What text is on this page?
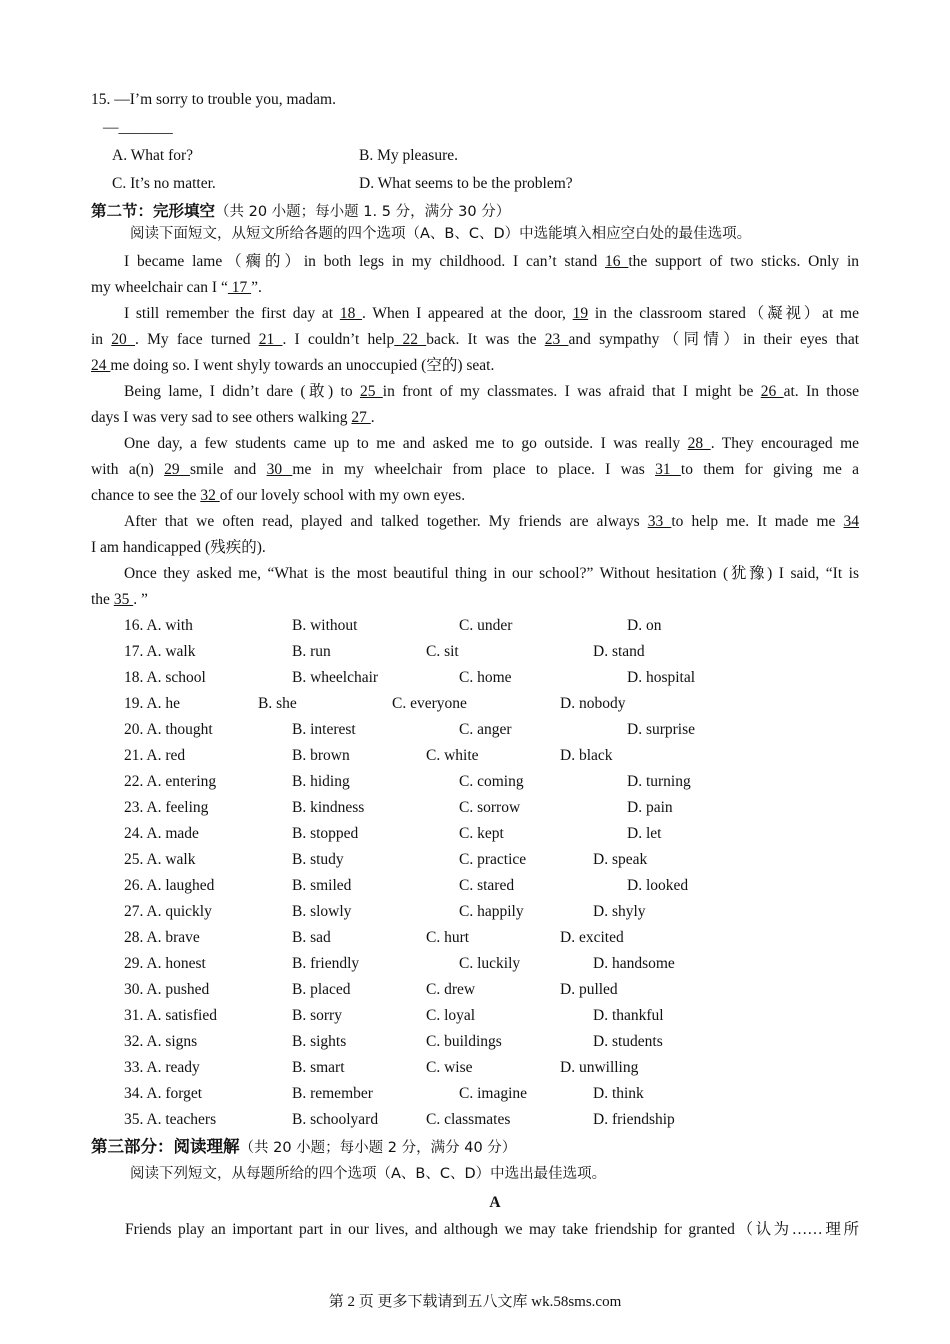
15. —I’m sorry to trouble you, madam.
—_______
A. What for?	B. My pleasure.
C. It’s no matter.	D. What seems to be the problem?
第二节：完形填空（共 20 小题；每小题 1. 5 分，满分 30 分）
阅读下面短文，从短文所给各题的四个选项（A、B、C、D）中选能填入相应空白处的最佳选项。
I became lame（瘸的）in both legs in my childhood. I can’t stand 16 the support of two sticks. Only in
my wheelchair can I “ 17 ”.
I still remember the first day at 18 . When I appeared at the door, 19 in the classroom stared（凝视）at me
in 20 . My face turned 21 . I couldn’t help 22 back. It was the 23 and sympathy（同情）in their eyes that
24 me doing so. I went shyly towards an unoccupied (空的) seat.
Being lame, I didn’t dare (敢) to 25 in front of my classmates. I was afraid that I might be 26 at. In those
days I was very sad to see others walking 27 .
One day, a few students came up to me and asked me to go outside. I was really 28 . They encouraged me
with a(n) 29 smile and 30 me in my wheelchair from place to place. I was 31 to them for giving me a
chance to see the 32 of our lovely school with my own eyes.
After that we often read, played and talked together. My friends are always 33 to help me. It made me 34
I am handicapped (残疾的).
Once they asked me, “What is the most beautiful thing in our school?” Without hesitation (犹豫) I said, “It is
the 35 . ”
16. A. with	B. without	C. under	D. on
17. A. walk	B. run	C. sit	D. stand
18. A. school	B. wheelchair	C. home	D. hospital
19. A. he	B. she	C. everyone	D. nobody
20. A. thought	B. interest	C. anger	D. surprise
21. A. red	B. brown	C. white	D. black
22. A. entering	B. hiding	C. coming	D. turning
23. A. feeling	B. kindness	C. sorrow	D. pain
24. A. made	B. stopped	C. kept	D. let
25. A. walk	B. study	C. practice	D. speak
26. A. laughed	B. smiled	C. stared	D. looked
27. A. quickly	B. slowly	C. happily	D. shyly
28. A. brave	B. sad	C. hurt	D. excited
29. A. honest	B. friendly	C. luckily	D. handsome
30. A. pushed	B. placed	C. drew	D. pulled
31. A. satisfied	B. sorry	C. loyal	D. thankful
32. A. signs	B. sights	C. buildings	D. students
33. A. ready	B. smart	C. wise	D. unwilling
34. A. forget	B. remember	C. imagine	D. think
35. A. teachers	B. schoolyard	C. classmates	D. friendship
第三部分：阅读理解（共 20 小题；每小题 2 分，满分 40 分）
阅读下列短文，从每题所给的四个选项（A、B、C、D）中选出最佳选项。
A
Friends play an important part in our lives, and although we may take friendship for granted（认为……理所
第 2 页 更多下载请到五八文库 wk.58sms.com
